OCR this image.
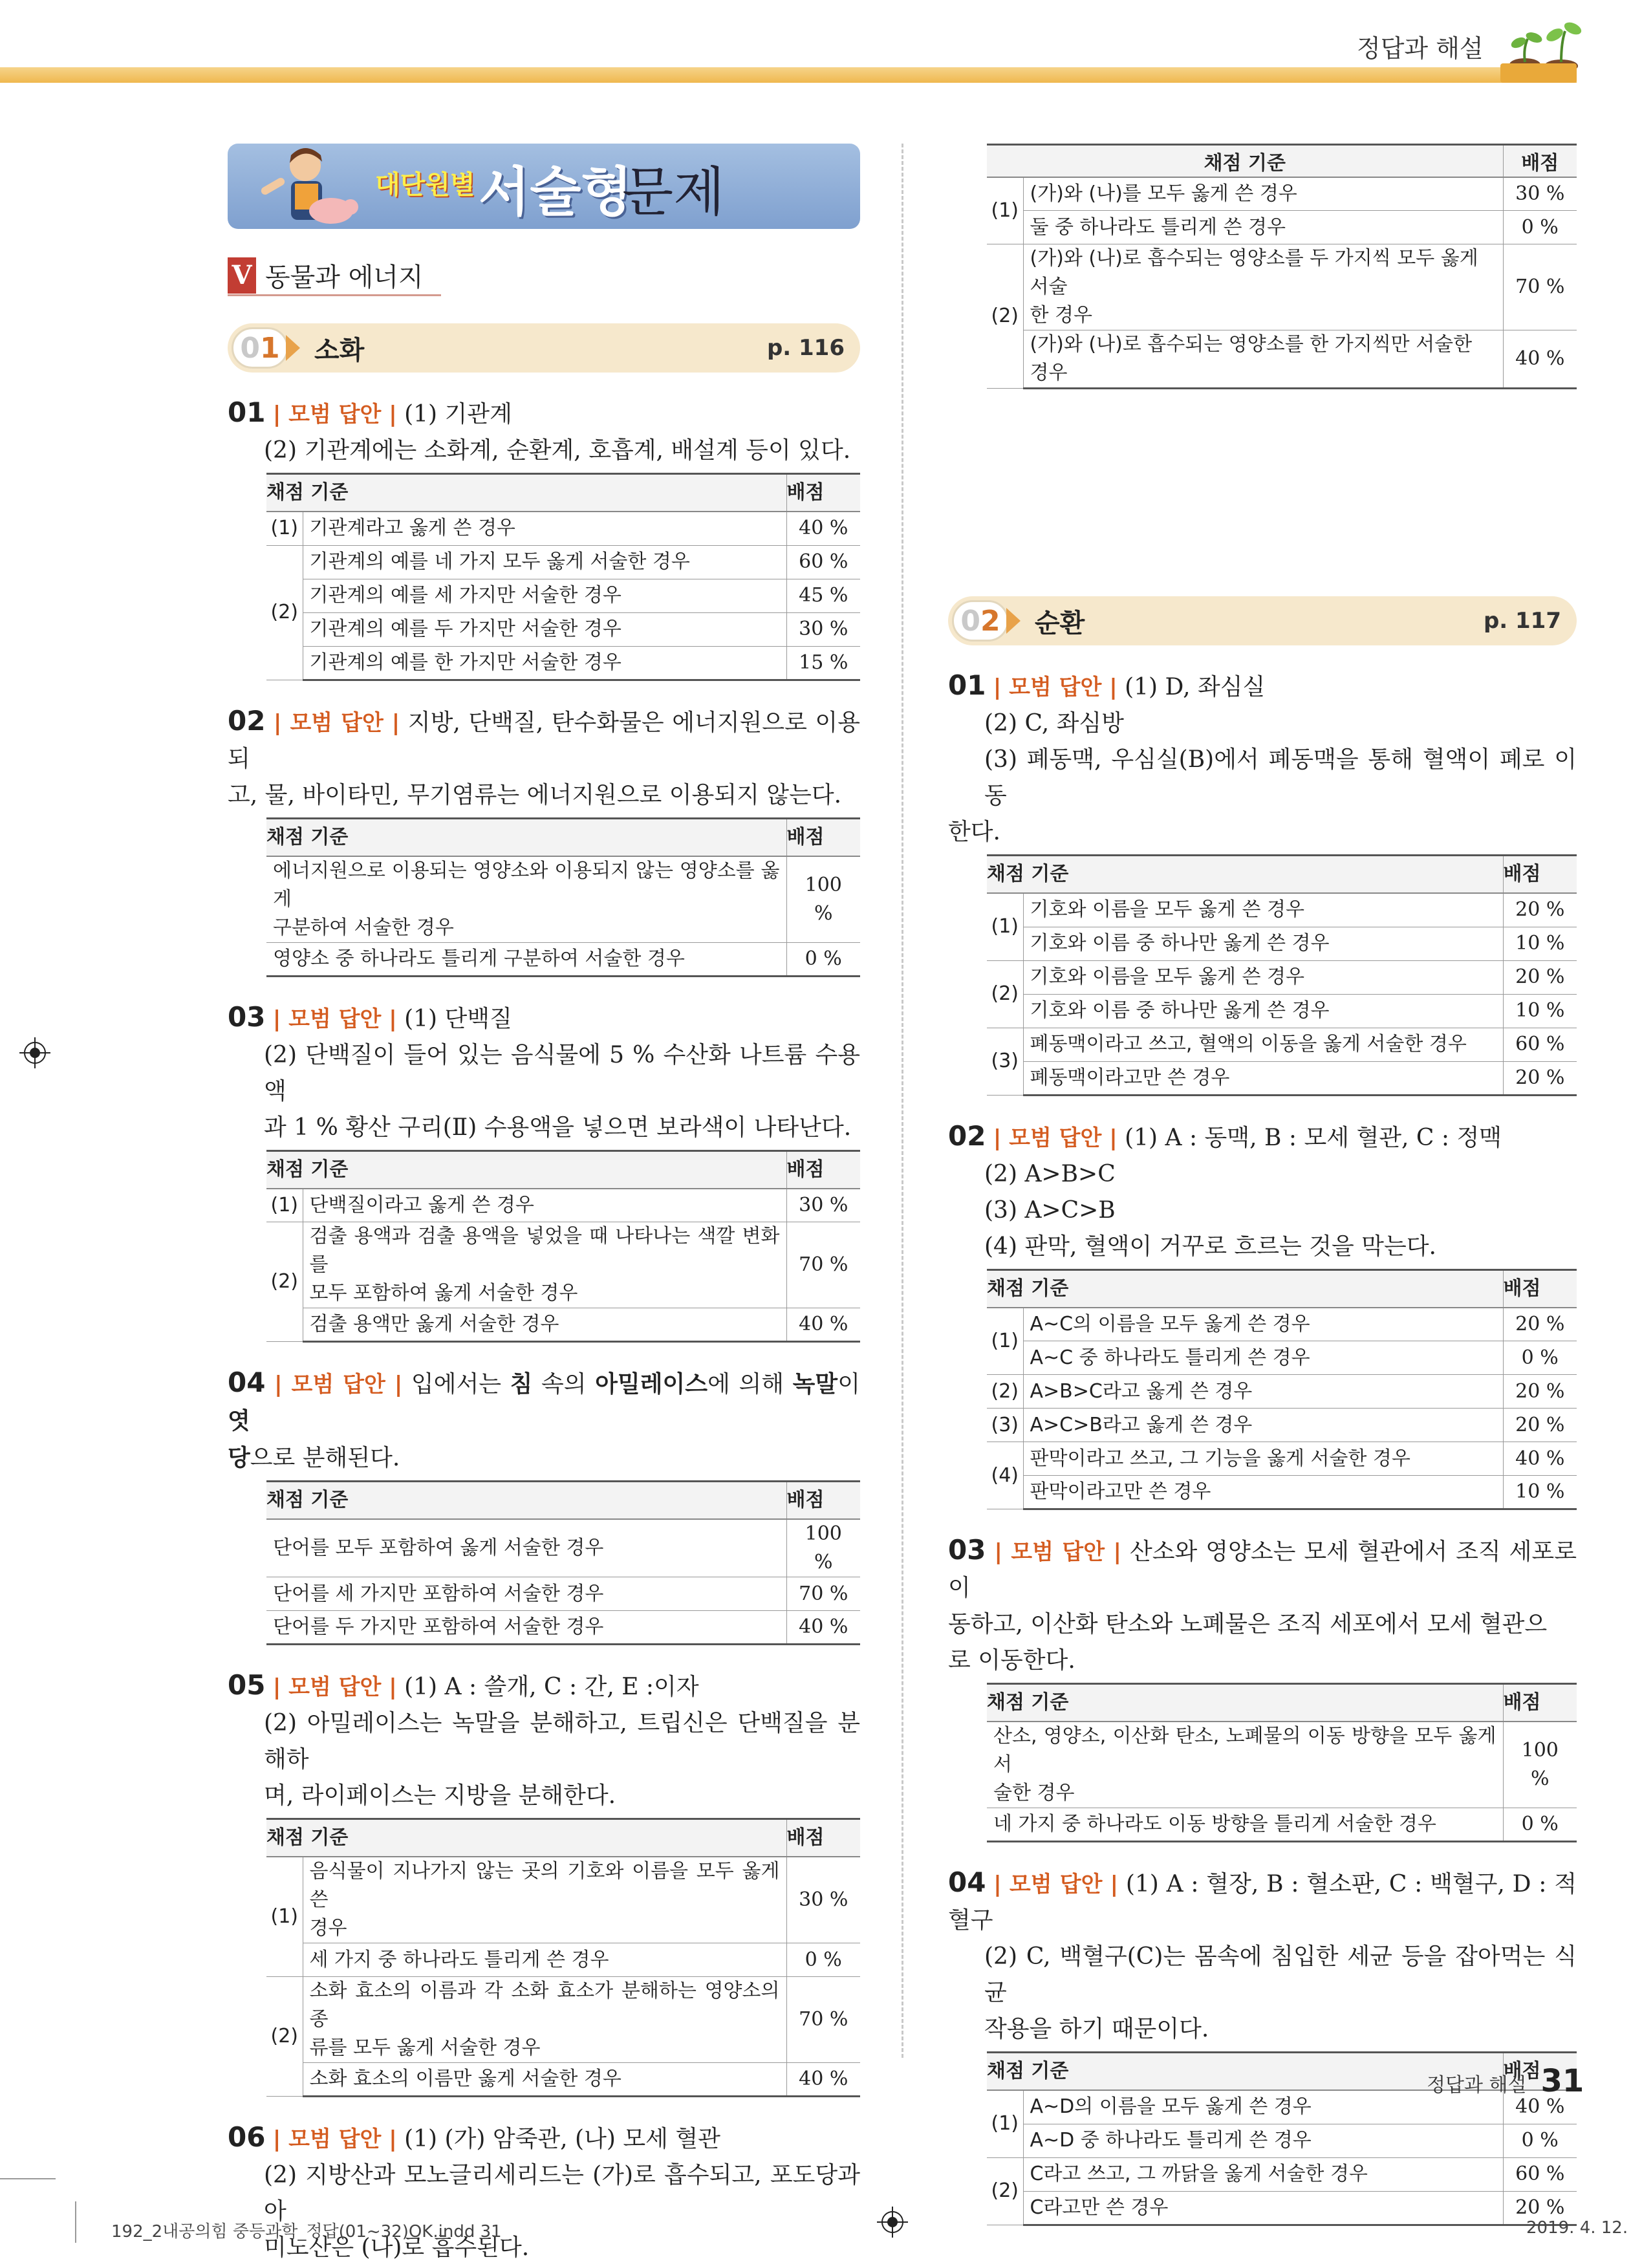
정답과 해설
대단원별 서술형
문제
V 동물과 에너지
0 1 소화	p. 116
01 | 모범 답안 | (1) 기관계
(2) 기관계에는 소화계, 순환계, 호흡계, 배설계 등이 있다.
채점 기준		배점
(1)	기관계라고 옳게 쓴 경우	40 %
(2)	기관계의 예를 네 가지 모두 옳게 서술한 경우	60 %
	기관계의 예를 세 가지만 서술한 경우	45 %
	기관계의 예를 두 가지만 서술한 경우	30 %
	기관계의 예를 한 가지만 서술한 경우	15 %
02 | 모범 답안 | 지방, 단백질, 탄수화물은 에너지원으로 이용되
고, 물, 바이타민, 무기염류는 에너지원으로 이용되지 않는다.
채점 기준	배점

에너지원으로 이용되는 영양소와 이용되지 않는 영양소를 옳게
구분하여 서술한 경우	100 %
영양소 중 하나라도 틀리게 구분하여 서술한 경우	0 %
03 | 모범 답안 | (1) 단백질
(2) 단백질이 들어 있는 음식물에 5 % 수산화 나트륨 수용액
과 1 % 황산 구리(Ⅱ) 수용액을 넣으면 보라색이 나타난다.
채점 기준		배점
(1)	단백질이라고 옳게 쓴 경우	30 %
(2)	검출 용액과 검출 용액을 넣었을 때 나타나는 색깔 변화를
모두 포함하여 옳게 서술한 경우	70 %
	검출 용액만 옳게 서술한 경우	40 %
04 | 모범 답안 | 입에서는 침 속의 아밀레이스에 의해 녹말이 엿
당으로 분해된다.
채점 기준	배점
단어를 모두 포함하여 옳게 서술한 경우	100 %
단어를 세 가지만 포함하여 서술한 경우	70 %
단어를 두 가지만 포함하여 서술한 경우	40 %
05 | 모범 답안 | (1) A : 쓸개, C : 간, E :이자
(2) 아밀레이스는 녹말을 분해하고, 트립신은 단백질을 분해하
며, 라이페이스는 지방을 분해한다.
채점 기준		배점
(1)	음식물이 지나가지 않는 곳의 기호와 이름을 모두 옳게 쓴
경우	30 %
	세 가지 중 하나라도 틀리게 쓴 경우	0 %
(2)	소화 효소의 이름과 각 소화 효소가 분해하는 영양소의 종
류를 모두 옳게 서술한 경우	70 %
	소화 효소의 이름만 옳게 서술한 경우	40 %
06 | 모범 답안 | (1) (가) 암죽관, (나) 모세 혈관
(2) 지방산과 모노글리세리드는 (가)로 흡수되고, 포도당과 아
미노산은 (나)로 흡수된다.
채점 기준		배점
(1)	(가)와 (나)를 모두 옳게 쓴 경우	30 %
	둘 중 하나라도 틀리게 쓴 경우	0 %
(2)	(가)와 (나)로 흡수되는 영양소를 두 가지씩 모두 옳게 서술
한 경우	70 %
	(가)와 (나)로 흡수되는 영양소를 한 가지씩만 서술한 경우	40 %
0 2 순환	p. 117
01 | 모범 답안 | (1) D, 좌심실
(2) C, 좌심방
(3) 폐동맥, 우심실(B)에서 폐동맥을 통해 혈액이 폐로 이동
한다.
채점 기준		배점
(1)	기호와 이름을 모두 옳게 쓴 경우	20 %
	기호와 이름 중 하나만 옳게 쓴 경우	10 %
(2)	기호와 이름을 모두 옳게 쓴 경우	20 %
	기호와 이름 중 하나만 옳게 쓴 경우	10 %
(3)	폐동맥이라고 쓰고, 혈액의 이동을 옳게 서술한 경우	60 %
	폐동맥이라고만 쓴 경우	20 %
02 | 모범 답안 | (1) A : 동맥, B : 모세 혈관, C : 정맥
(2) A>B>C
(3) A>C>B
(4) 판막, 혈액이 거꾸로 흐르는 것을 막는다.
채점 기준		배점
(1)	A~C의 이름을 모두 옳게 쓴 경우	20 %
	A~C 중 하나라도 틀리게 쓴 경우	0 %
(2)	A>B>C라고 옳게 쓴 경우	20 %
(3)	A>C>B라고 옳게 쓴 경우	20 %
(4)	판막이라고 쓰고, 그 기능을 옳게 서술한 경우	40 %
	판막이라고만 쓴 경우	10 %
03 | 모범 답안 | 산소와 영양소는 모세 혈관에서 조직 세포로 이
동하고, 이산화 탄소와 노폐물은 조직 세포에서 모세 혈관으
로 이동한다.
채점 기준	배점

산소, 영양소, 이산화 탄소, 노폐물의 이동 방향을 모두 옳게 서
술한 경우	100 %
네 가지 중 하나라도 이동 방향을 틀리게 서술한 경우	0 %
04 | 모범 답안 | (1) A : 혈장, B : 혈소판, C : 백혈구, D : 적혈구
(2) C, 백혈구(C)는 몸속에 침입한 세균 등을 잡아먹는 식균
작용을 하기 때문이다.
채점 기준		배점
(1)	A~D의 이름을 모두 옳게 쓴 경우	40 %
	A~D 중 하나라도 틀리게 쓴 경우	0 %
(2)	C라고 쓰고, 그 까닭을 옳게 서술한 경우	60 %
	C라고만 쓴 경우	20 %
정답과 해설 31
192_2내공의힘 중등과학_정답(01~32)OK.indd 31	2019. 4. 12.
